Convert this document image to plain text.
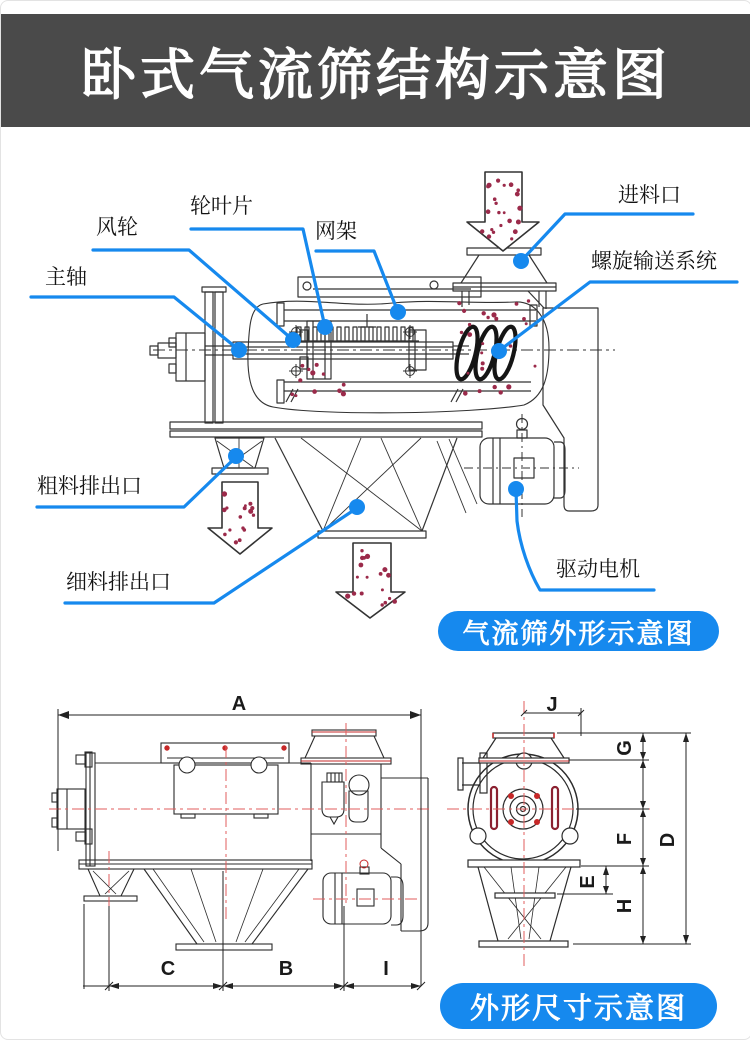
卧式气流筛结构示意图
A
C	B	I
J
G
F
E
H
D
主轴
风轮
轮叶片
网架
进料口
螺旋输送系统
粗料排出口
细料排出口
驱动电机
气流筛外形示意图
外形尺寸示意图
